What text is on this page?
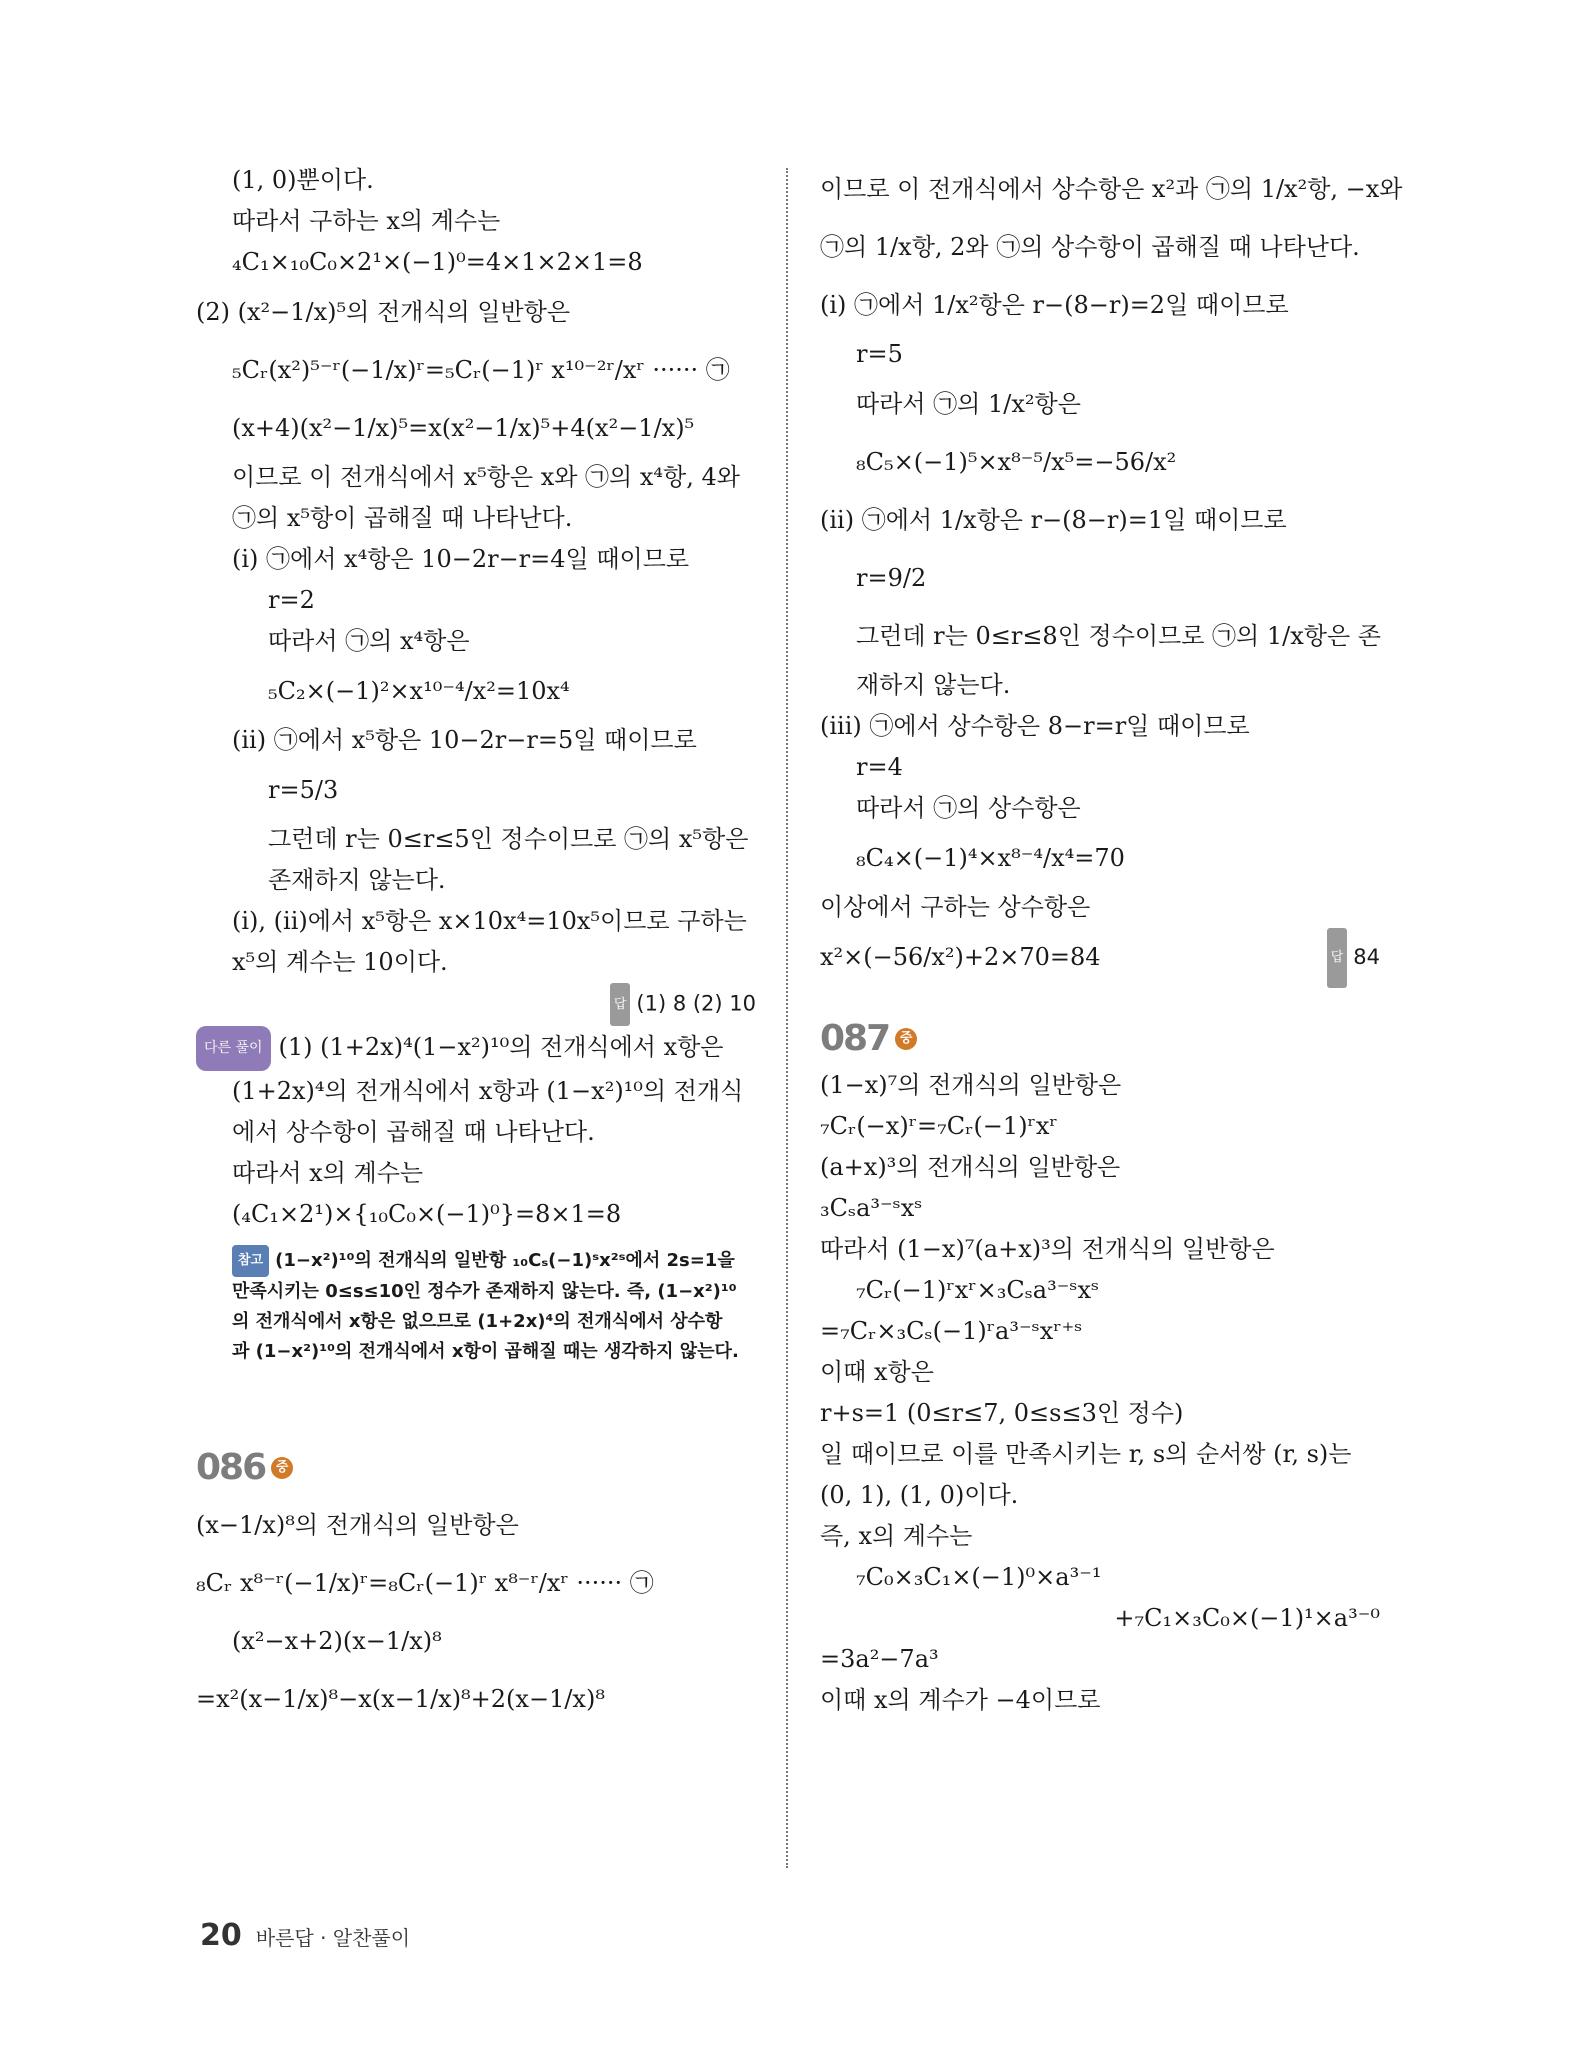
(1, 0)뿐이다.
따라서 구하는 x의 계수는
₄C₁×₁₀C₀×2¹×(−1)⁰=4×1×2×1=8
(2) (x²−1/x)⁵의 전개식의 일반항은
₅Cᵣ(x²)⁵⁻ʳ(−1/x)ʳ=₅Cᵣ(−1)ʳ x¹⁰⁻²ʳ/xʳ ······ ㉠
(x+4)(x²−1/x)⁵=x(x²−1/x)⁵+4(x²−1/x)⁵
이므로 이 전개식에서 x⁵항은 x와 ㉠의 x⁴항, 4와
㉠의 x⁵항이 곱해질 때 나타난다.
(i) ㉠에서 x⁴항은 10−2r−r=4일 때이므로
r=2
따라서 ㉠의 x⁴항은
₅C₂×(−1)²×x¹⁰⁻⁴/x²=10x⁴
(ii) ㉠에서 x⁵항은 10−2r−r=5일 때이므로
r=5/3
그런데 r는 0≤r≤5인 정수이므로 ㉠의 x⁵항은
존재하지 않는다.
(i), (ii)에서 x⁵항은 x×10x⁴=10x⁵이므로 구하는
x⁵의 계수는 10이다.
답 (1) 8 (2) 10
다른 풀이 (1) (1+2x)⁴(1−x²)¹⁰의 전개식에서 x항은
(1+2x)⁴의 전개식에서 x항과 (1−x²)¹⁰의 전개식
에서 상수항이 곱해질 때 나타난다.
따라서 x의 계수는
(₄C₁×2¹)×{₁₀C₀×(−1)⁰}=8×1=8
참고 (1−x²)¹⁰의 전개식의 일반항 ₁₀Cₛ(−1)ˢx²ˢ에서 2s=1을
만족시키는 0≤s≤10인 정수가 존재하지 않는다. 즉, (1−x²)¹⁰
의 전개식에서 x항은 없으므로 (1+2x)⁴의 전개식에서 상수항
과 (1−x²)¹⁰의 전개식에서 x항이 곱해질 때는 생각하지 않는다.
086 중
(x−1/x)⁸의 전개식의 일반항은
₈Cᵣ x⁸⁻ʳ(−1/x)ʳ=₈Cᵣ(−1)ʳ x⁸⁻ʳ/xʳ ······ ㉠
(x²−x+2)(x−1/x)⁸
=x²(x−1/x)⁸−x(x−1/x)⁸+2(x−1/x)⁸
이므로 이 전개식에서 상수항은 x²과 ㉠의 1/x²항, −x와
㉠의 1/x항, 2와 ㉠의 상수항이 곱해질 때 나타난다.
(i) ㉠에서 1/x²항은 r−(8−r)=2일 때이므로
r=5
따라서 ㉠의 1/x²항은
₈C₅×(−1)⁵×x⁸⁻⁵/x⁵=−56/x²
(ii) ㉠에서 1/x항은 r−(8−r)=1일 때이므로
r=9/2
그런데 r는 0≤r≤8인 정수이므로 ㉠의 1/x항은 존
재하지 않는다.
(iii) ㉠에서 상수항은 8−r=r일 때이므로
r=4
따라서 ㉠의 상수항은
₈C₄×(−1)⁴×x⁸⁻⁴/x⁴=70
이상에서 구하는 상수항은
x²×(−56/x²)+2×70=84	답 84
087 중
(1−x)⁷의 전개식의 일반항은
₇Cᵣ(−x)ʳ=₇Cᵣ(−1)ʳxʳ
(a+x)³의 전개식의 일반항은
₃Cₛa³⁻ˢxˢ
따라서 (1−x)⁷(a+x)³의 전개식의 일반항은
₇Cᵣ(−1)ʳxʳ×₃Cₛa³⁻ˢxˢ
=₇Cᵣ×₃Cₛ(−1)ʳa³⁻ˢxʳ⁺ˢ
이때 x항은
r+s=1 (0≤r≤7, 0≤s≤3인 정수)
일 때이므로 이를 만족시키는 r, s의 순서쌍 (r, s)는
(0, 1), (1, 0)이다.
즉, x의 계수는
₇C₀×₃C₁×(−1)⁰×a³⁻¹
+₇C₁×₃C₀×(−1)¹×a³⁻⁰
=3a²−7a³
이때 x의 계수가 −4이므로
20 바른답 · 알찬풀이
